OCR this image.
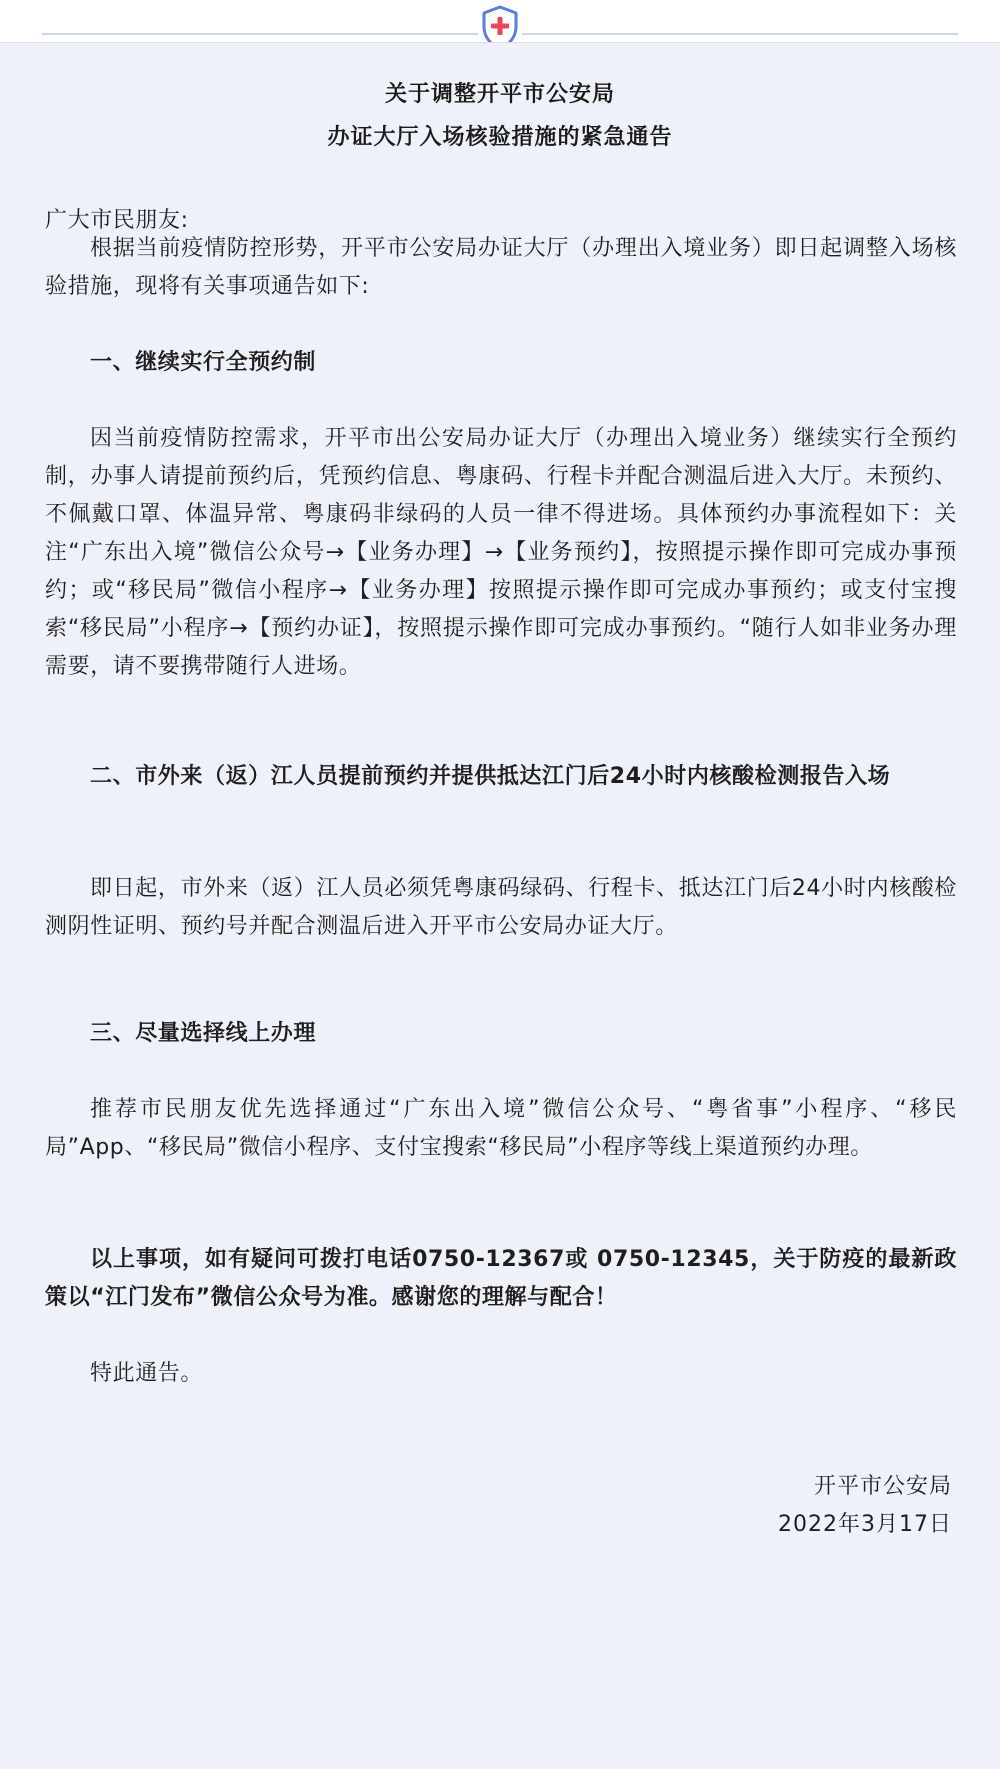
关于调整开平市公安局
办证大厅入场核验措施的紧急通告

广大市民朋友:

根据当前疫情防控形势，开平市公安局办证大厅（办理出入境业务）即日起调整入场核验措施，现将有关事项通告如下:

一、继续实行全预约制

因当前疫情防控需求，开平市出公安局办证大厅（办理出入境业务）继续实行全预约制，办事人请提前预约后，凭预约信息、粤康码、行程卡并配合测温后进入大厅。未预约、不佩戴口罩、体温异常、粤康码非绿码的人员一律不得进场。具体预约办事流程如下：关注“广东出入境”微信公众号→【业务办理】→【业务预约】，按照提示操作即可完成办事预约；或“移民局”微信小程序→【业务办理】按照提示操作即可完成办事预约；或支付宝搜索“移民局”小程序→【预约办证】，按照提示操作即可完成办事预约。“随行人如非业务办理需要，请不要携带随行人进场。

二、市外来（返）江人员提前预约并提供抵达江门后24小时内核酸检测报告入场

即日起，市外来（返）江人员必须凭粤康码绿码、行程卡、抵达江门后24小时内核酸检测阴性证明、预约号并配合测温后进入开平市公安局办证大厅。

三、尽量选择线上办理

推荐市民朋友优先选择通过“广东出入境”微信公众号、“粤省事”小程序、“移民局”App、“移民局”微信小程序、支付宝搜索“移民局”小程序等线上渠道预约办理。

以上事项，如有疑问可拨打电话0750-12367或 0750-12345，关于防疫的最新政策以“江门发布”微信公众号为准。感谢您的理解与配合！

特此通告。

开平市公安局
2022年3月17日
